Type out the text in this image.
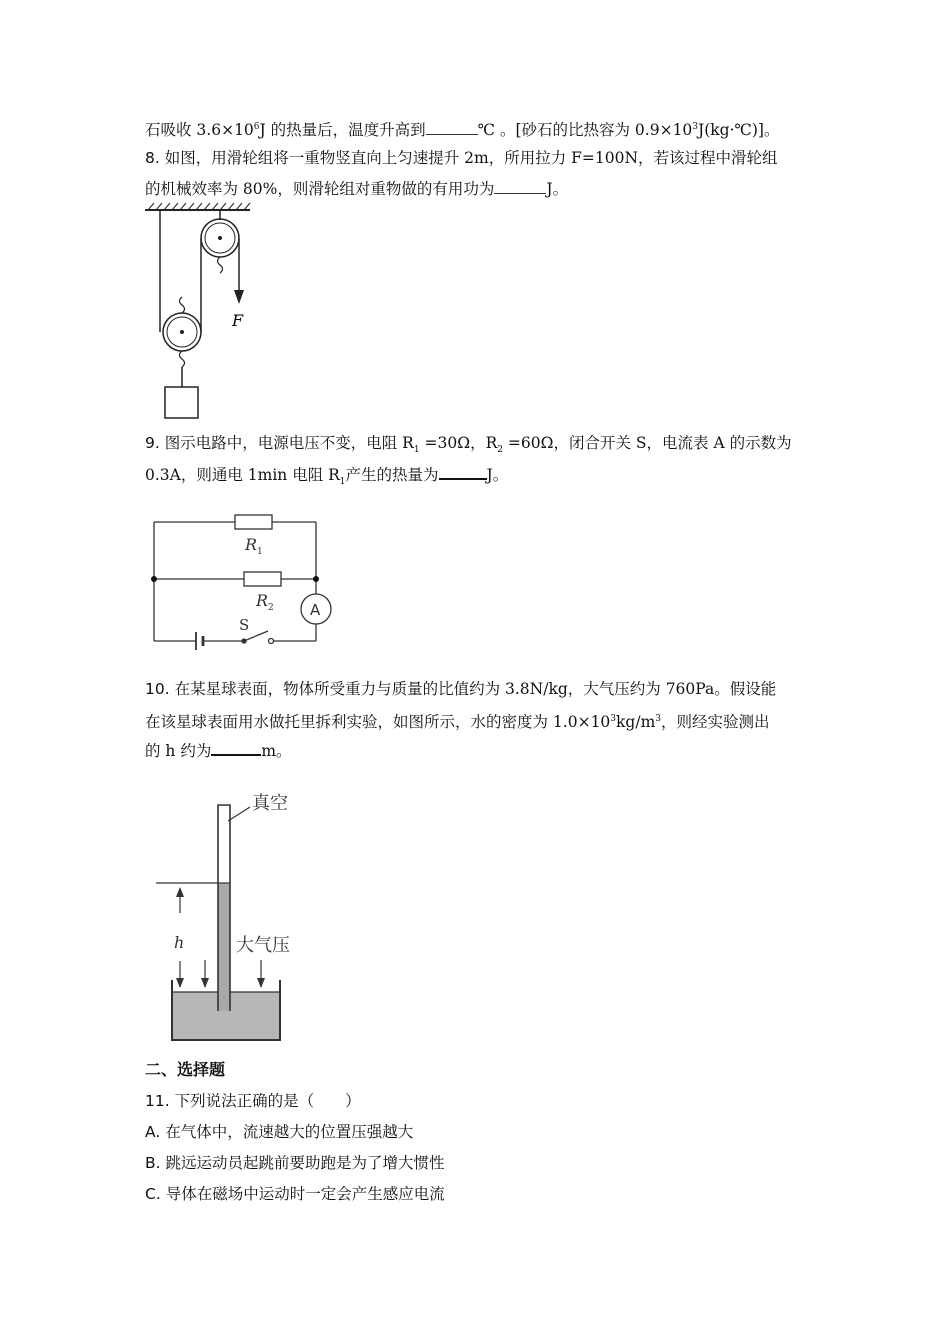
石吸收 $3.6\times 10^6J$ 的热量后，温度升高到	℃ 。[砂石的比热容为 $0.9\times 10^3J(kg\cdot℃)$]。
8. 如图，用滑轮组将一重物竖直向上匀速提升 2m，所用拉力 F=100N，若该过程中滑轮组
的机械效率为 80%，则滑轮组对重物做的有用功为	J。
F
9. 图示电路中，电源电压不变，电阻 $R_1 =30\Omega$，$R_2 =60\Omega$，闭合开关 S，电流表 A 的示数为
0.3A，则通电 1min 电阻 $R_1$产生的热量为	J。
$R_1$
$R_2$ A
S
10. 在某星球表面，物体所受重力与质量的比值约为 3.8N/kg，大气压约为 760Pa。假设能
在该星球表面用水做托里拆利实验，如图所示，水的密度为 $1.0\times 10^3kg/m^3$，则经实验测出
的 h 约为	m。
真空
h	大气压
二、选择题
11. 下列说法正确的是（　　）
A. 在气体中，流速越大的位置压强越大
B. 跳远运动员起跳前要助跑是为了增大惯性
C. 导体在磁场中运动时一定会产生感应电流
